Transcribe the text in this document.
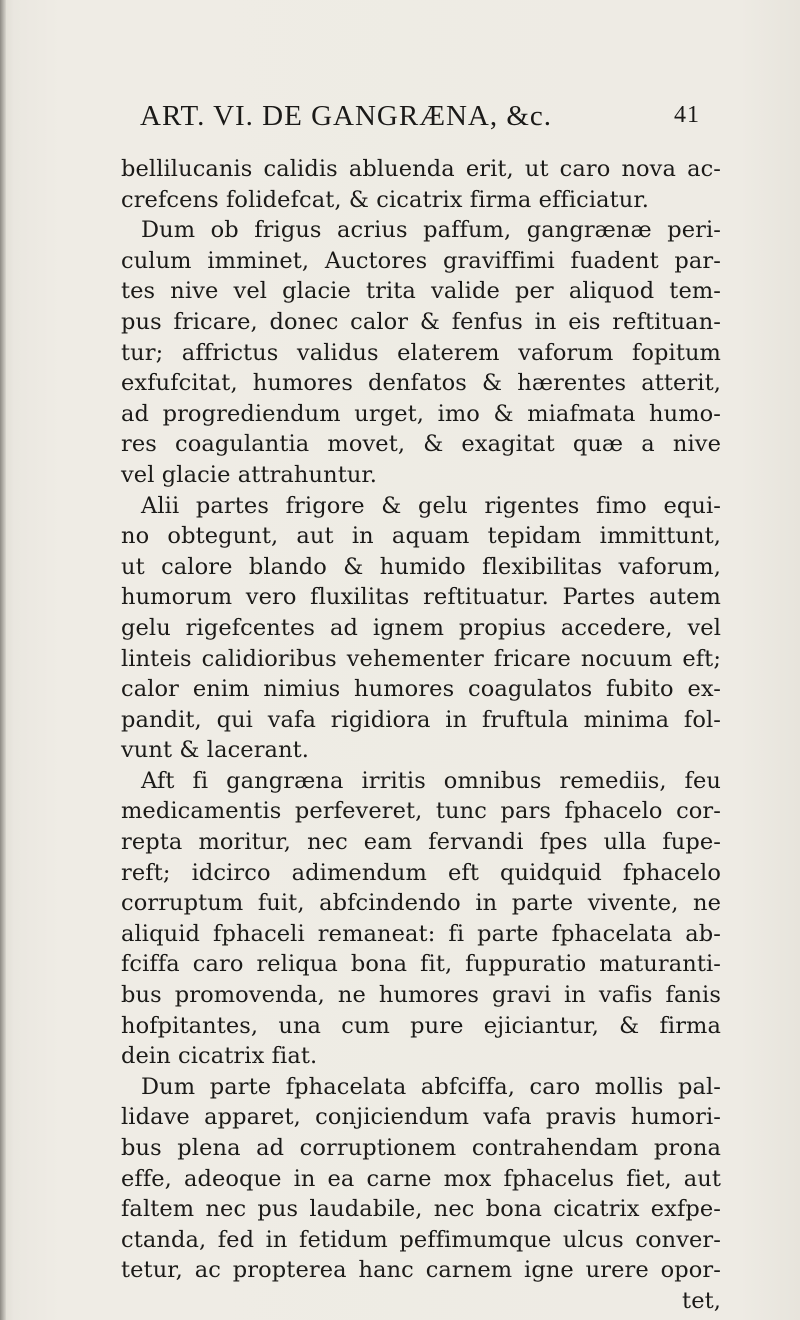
ART. VI. DE GANGRÆNA, &c.	41
bellilucanis calidis abluenda erit, ut caro nova ac-
crefcens folidefcat, & cicatrix firma efficiatur.
Dum ob frigus acrius paffum, gangrænæ peri-
culum imminet, Auctores graviffimi fuadent par-
tes nive vel glacie trita valide per aliquod tem-
pus fricare, donec calor & fenfus in eis reftituan-
tur; affrictus validus elaterem vaforum fopitum
exfufcitat, humores denfatos & hærentes atterit,
ad progrediendum urget, imo & miafmata humo-
res coagulantia movet, & exagitat quæ a nive
vel glacie attrahuntur.
Alii partes frigore & gelu rigentes fimo equi-
no obtegunt, aut in aquam tepidam immittunt,
ut calore blando & humido flexibilitas vaforum,
humorum vero fluxilitas reftituatur. Partes autem
gelu rigefcentes ad ignem propius accedere, vel
linteis calidioribus vehementer fricare nocuum eft;
calor enim nimius humores coagulatos fubito ex-
pandit, qui vafa rigidiora in fruftula minima fol-
vunt & lacerant.
Aft fi gangræna irritis omnibus remediis, feu
medicamentis perfeveret, tunc pars fphacelo cor-
repta moritur, nec eam fervandi fpes ulla fupe-
reft; idcirco adimendum eft quidquid fphacelo
corruptum fuit, abfcindendo in parte vivente, ne
aliquid fphaceli remaneat: fi parte fphacelata ab-
fciffa caro reliqua bona fit, fuppuratio maturanti-
bus promovenda, ne humores gravi in vafis fanis
hofpitantes, una cum pure ejiciantur, & firma
dein cicatrix fiat.
Dum parte fphacelata abfciffa, caro mollis pal-
lidave apparet, conjiciendum vafa pravis humori-
bus plena ad corruptionem contrahendam prona
effe, adeoque in ea carne mox fphacelus fiet, aut
faltem nec pus laudabile, nec bona cicatrix exfpe-
ctanda, fed in fetidum peffimumque ulcus conver-
tetur, ac propterea hanc carnem igne urere opor-
tet,
